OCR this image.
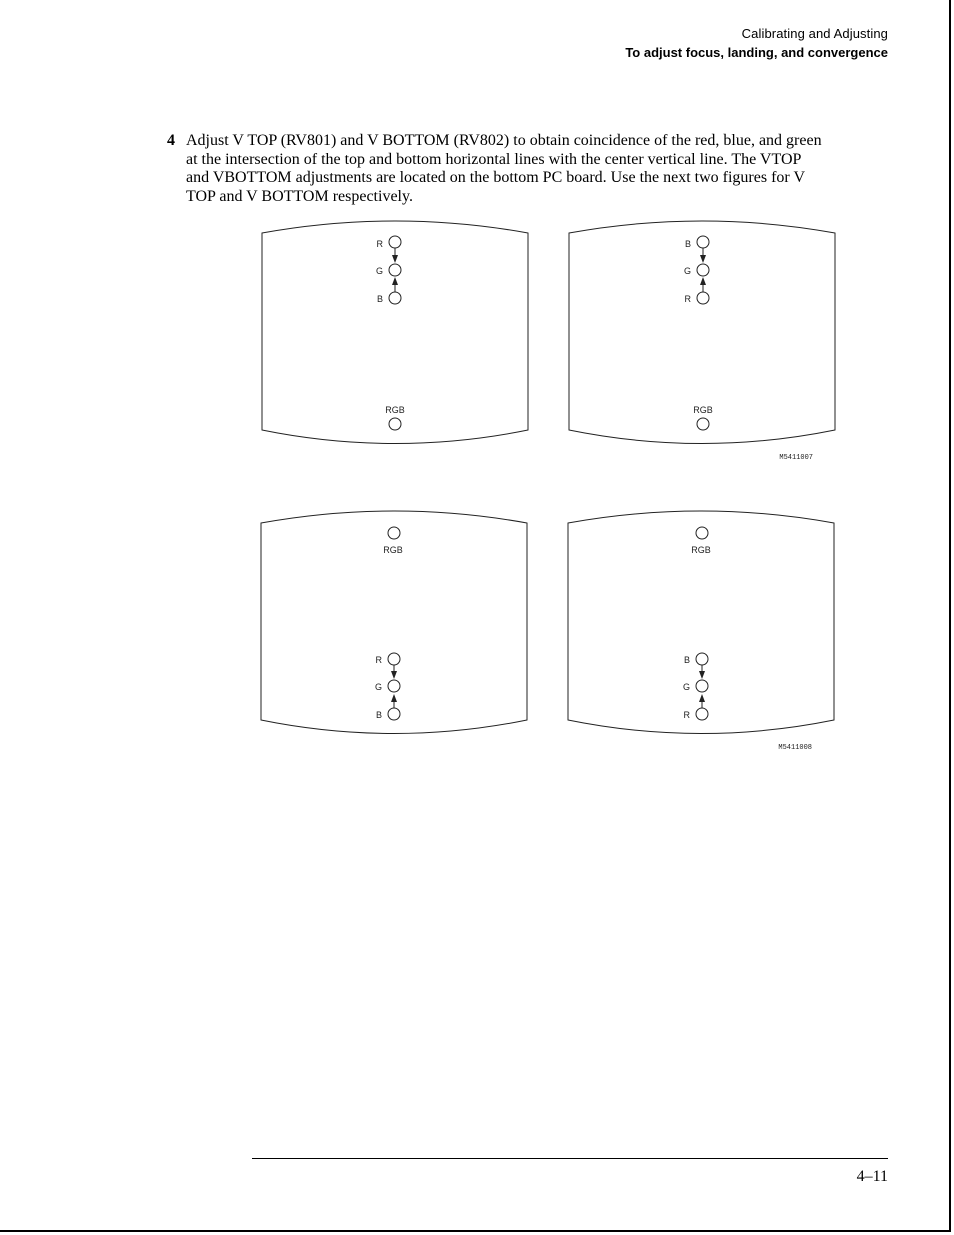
Calibrating and Adjusting
To adjust focus, landing, and convergence
4 Adjust V TOP (RV801) and V BOTTOM (RV802) to obtain coincidence of the red, blue, and green at the intersection of the top and bottom horizontal lines with the center vertical line. The VTOP and VBOTTOM adjustments are located on the bottom PC board. Use the next two figures for V TOP and V BOTTOM respectively.
R
G
B
RGB
B
G
R
RGB
M5411007
RGB
R
G
B
RGB
B
G
R
M5411008
4–11
